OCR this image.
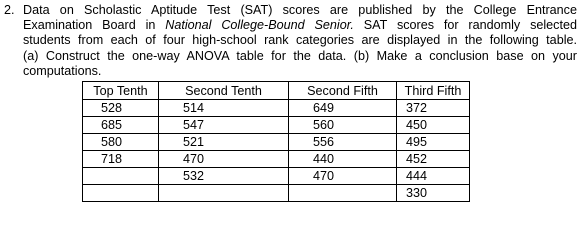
2. Data on Scholastic Aptitude Test (SAT) scores are published by the College Entrance
Examination Board in National College-Bound Senior. SAT scores for randomly selected
students from each of four high-school rank categories are displayed in the following table.
(a) Construct the one-way ANOVA table for the data. (b) Make a conclusion base on your
computations.
Top Tenth	Second Tenth	Second Fifth	Third Fifth
528	514	649	372
685	547	560	450
580	521	556	495
718	470	440	452
	532	470	444
			330
